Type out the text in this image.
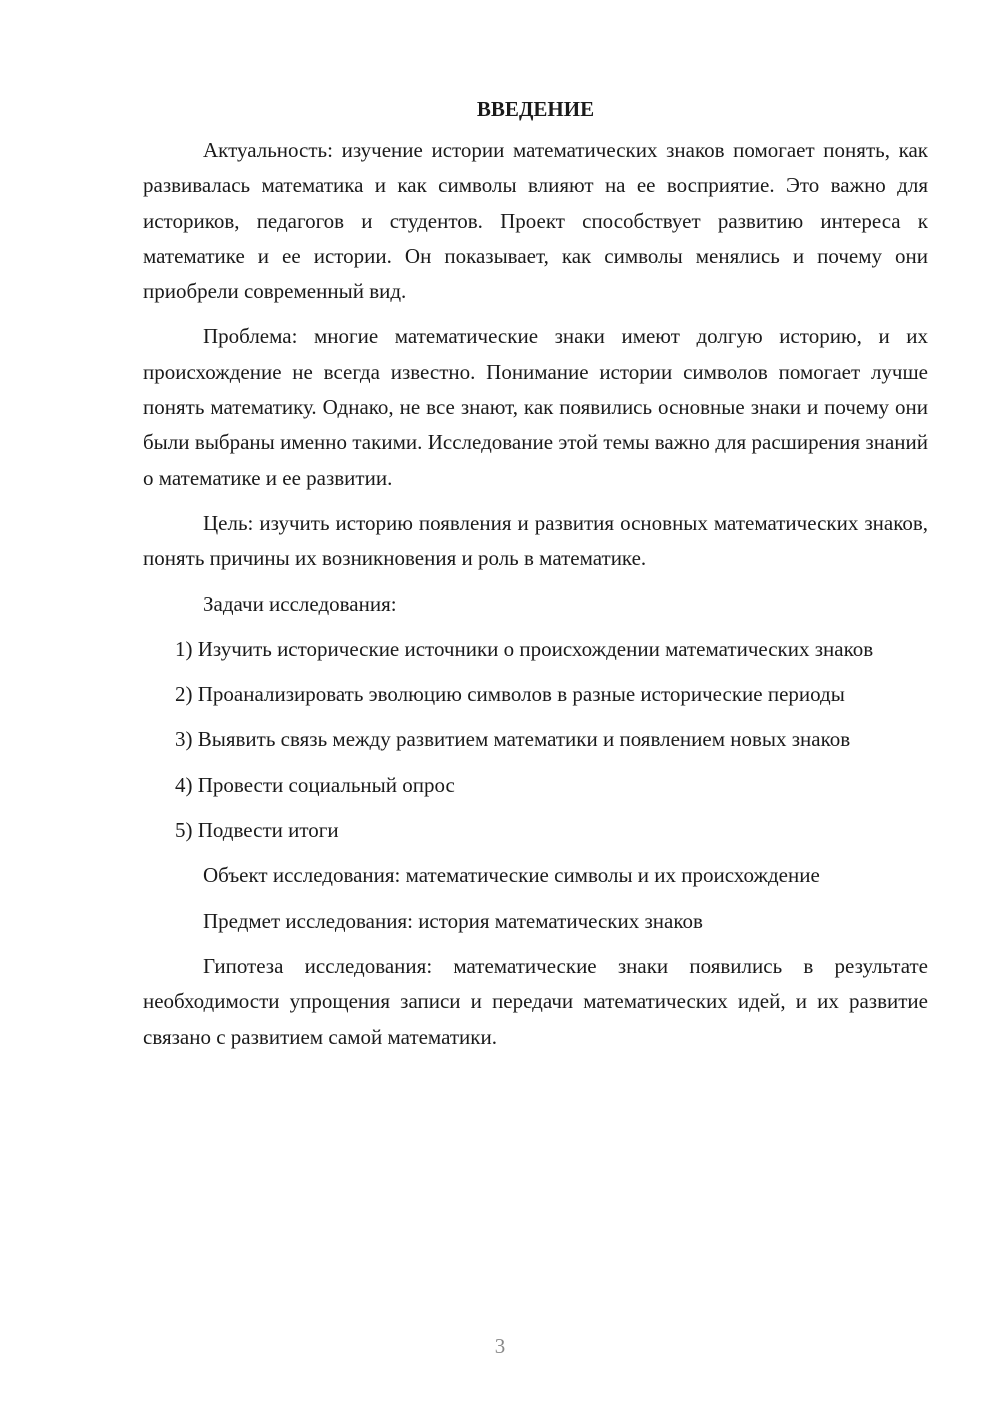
ВВЕДЕНИЕ

Актуальность: изучение истории математических знаков помогает понять, как развивалась математика и как символы влияют на ее восприятие. Это важно для историков, педагогов и студентов. Проект способствует развитию интереса к математике и ее истории. Он показывает, как символы менялись и почему они приобрели современный вид.

Проблема: многие математические знаки имеют долгую историю, и их происхождение не всегда известно. Понимание истории символов помогает лучше понять математику. Однако, не все знают, как появились основные знаки и почему они были выбраны именно такими. Исследование этой темы важно для расширения знаний о математике и ее развитии.

Цель: изучить историю появления и развития основных математических знаков, понять причины их возникновения и роль в математике.

Задачи исследования:

1) Изучить исторические источники о происхождении математических знаков

2) Проанализировать эволюцию символов в разные исторические периоды

3) Выявить связь между развитием математики и появлением новых знаков

4) Провести социальный опрос

5) Подвести итоги

Объект исследования: математические символы и их происхождение

Предмет исследования: история математических знаков

Гипотеза исследования: математические знаки появились в результате необходимости упрощения записи и передачи математических идей, и их развитие связано с развитием самой математики.

3
